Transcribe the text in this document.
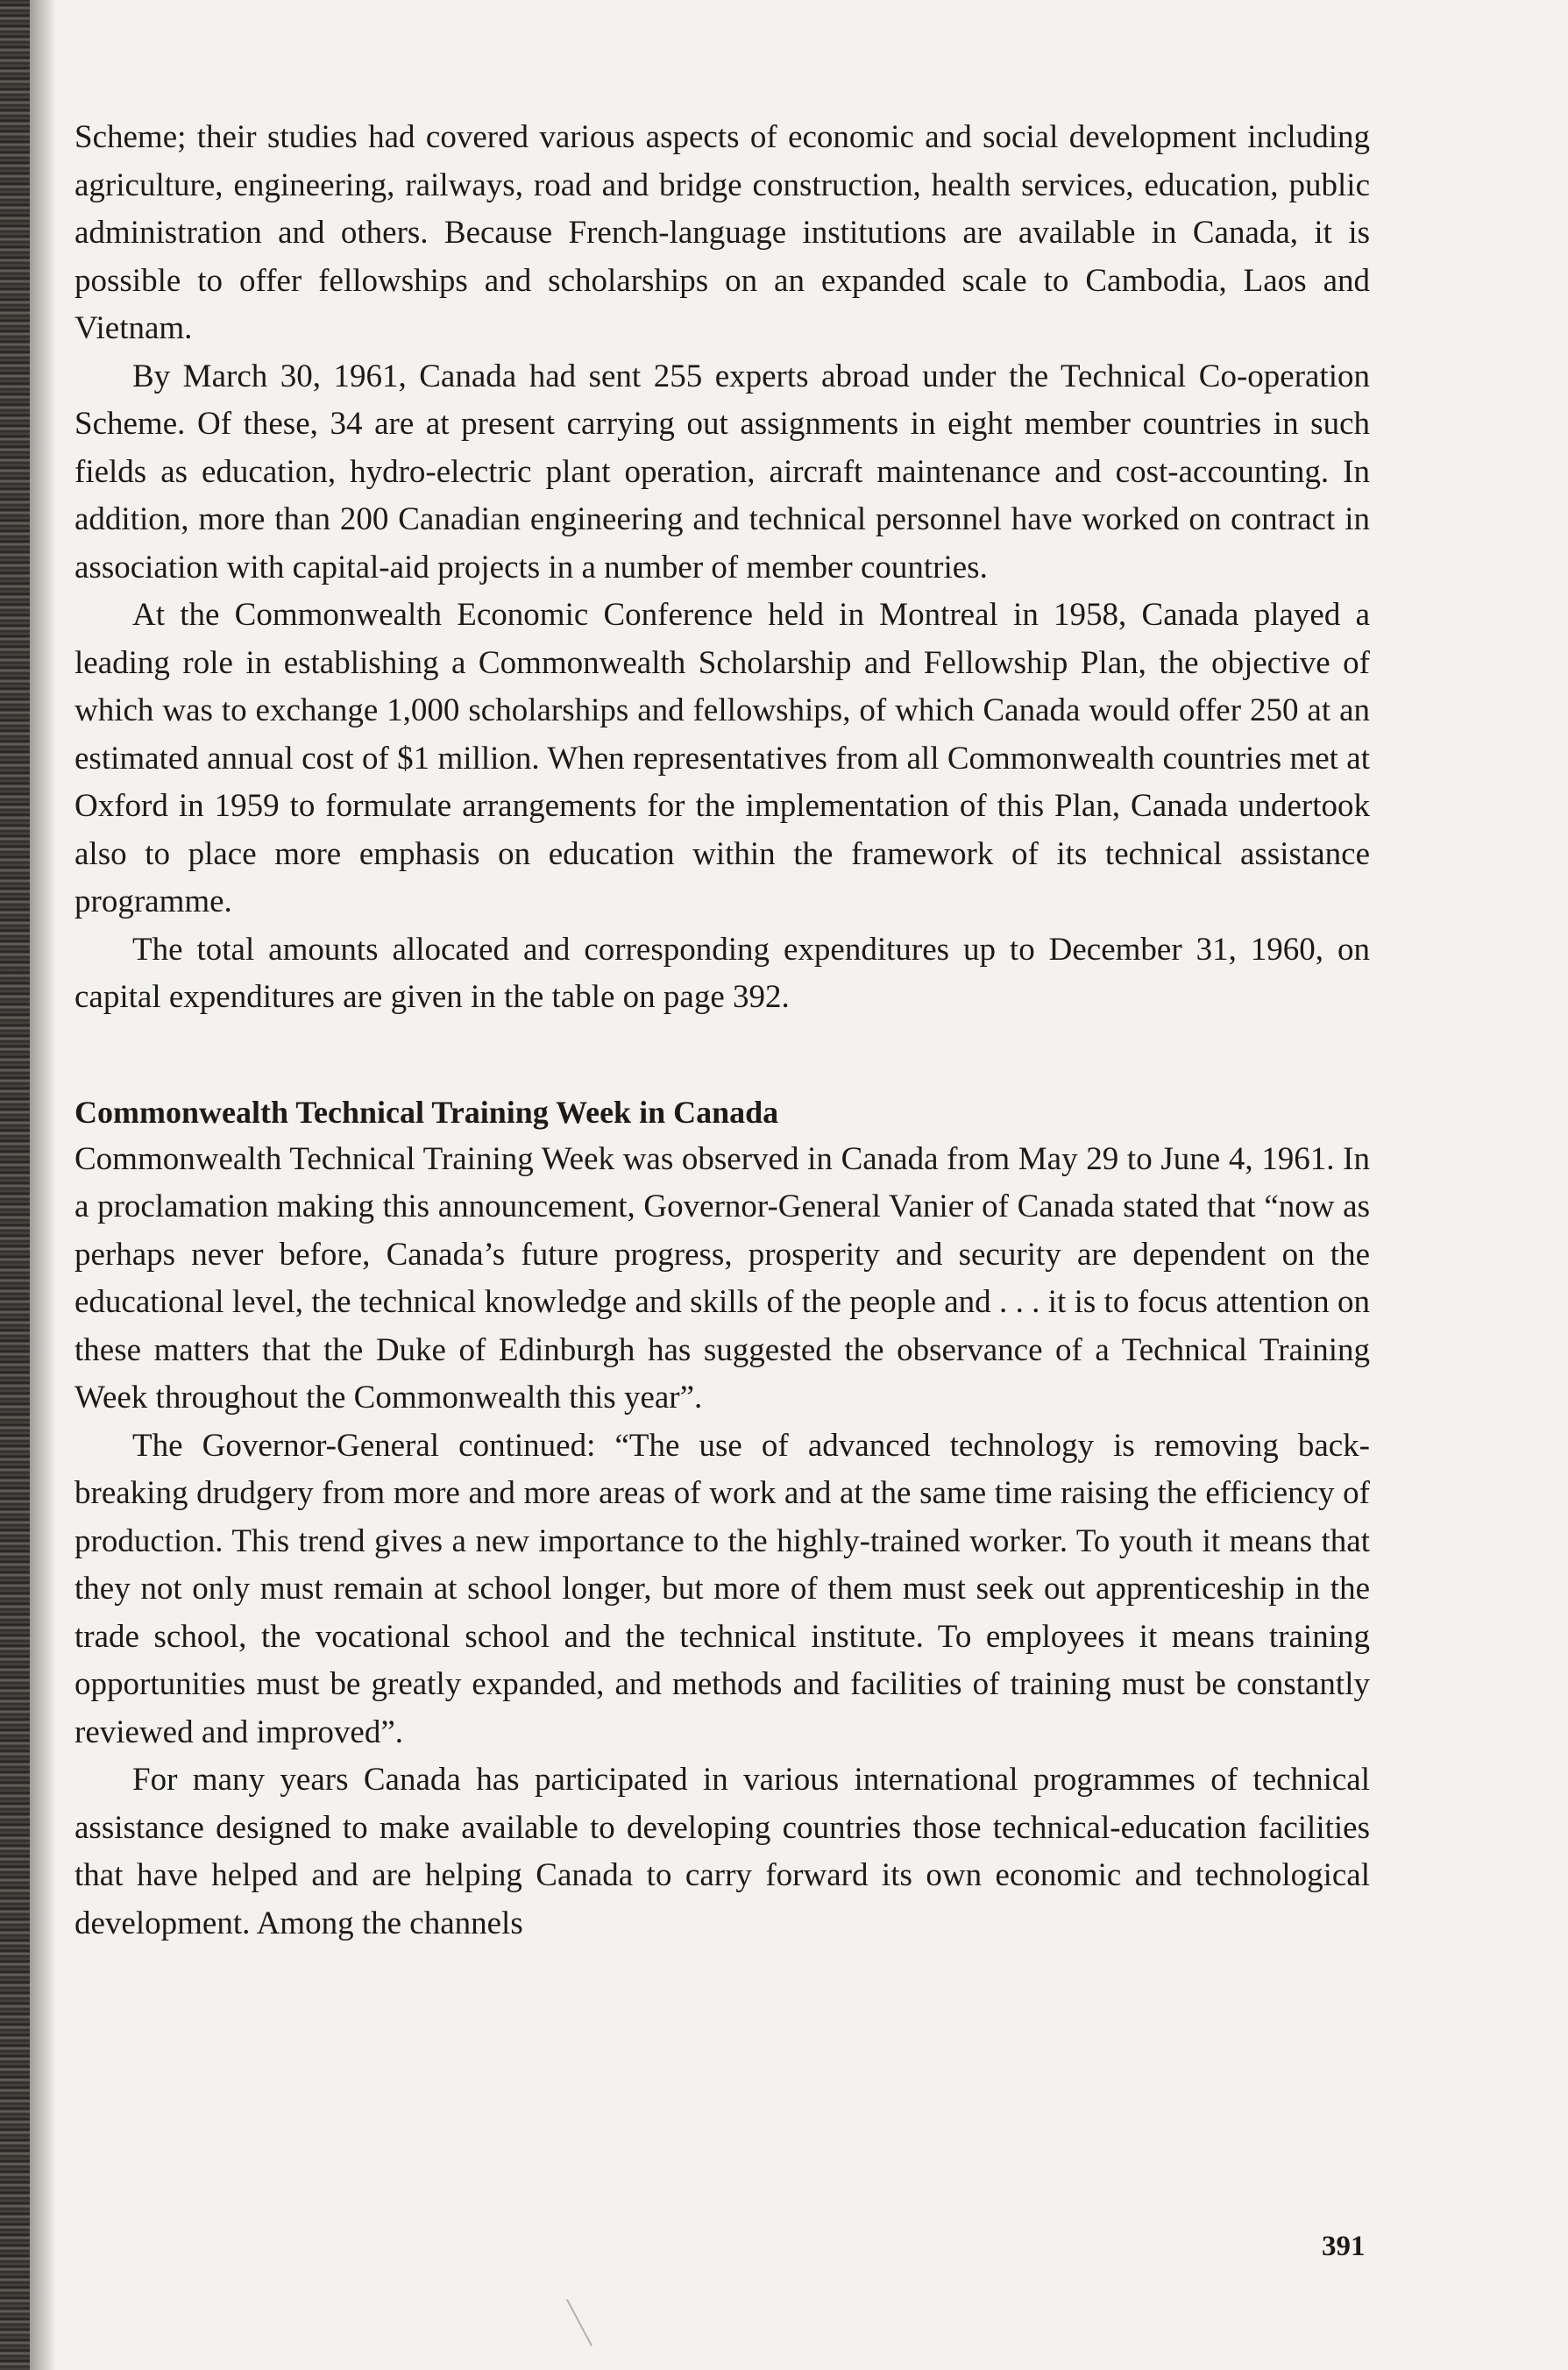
Scheme; their studies had covered various aspects of economic and social development including agriculture, engineering, railways, road and bridge construction, health services, education, public administration and others. Because French-language institutions are available in Canada, it is possible to offer fellowships and scholarships on an expanded scale to Cambodia, Laos and Vietnam.

By March 30, 1961, Canada had sent 255 experts abroad under the Technical Co-operation Scheme. Of these, 34 are at present carrying out assignments in eight member countries in such fields as education, hydro-electric plant operation, aircraft maintenance and cost-accounting. In addition, more than 200 Canadian engineering and technical personnel have worked on contract in association with capital-aid projects in a number of member countries.

At the Commonwealth Economic Conference held in Montreal in 1958, Canada played a leading role in establishing a Commonwealth Scholarship and Fellowship Plan, the objective of which was to exchange 1,000 scholarships and fellowships, of which Canada would offer 250 at an estimated annual cost of $1 million. When representatives from all Commonwealth countries met at Oxford in 1959 to formulate arrangements for the implementation of this Plan, Canada undertook also to place more emphasis on education within the framework of its technical assistance programme.

The total amounts allocated and corresponding expenditures up to December 31, 1960, on capital expenditures are given in the table on page 392.

Commonwealth Technical Training Week in Canada

Commonwealth Technical Training Week was observed in Canada from May 29 to June 4, 1961. In a proclamation making this announcement, Governor-General Vanier of Canada stated that “now as perhaps never before, Canada’s future progress, prosperity and security are dependent on the educational level, the technical knowledge and skills of the people and . . . it is to focus attention on these matters that the Duke of Edinburgh has suggested the observance of a Technical Training Week throughout the Commonwealth this year”.

The Governor-General continued: “The use of advanced technology is removing back-breaking drudgery from more and more areas of work and at the same time raising the efficiency of production. This trend gives a new importance to the highly-trained worker. To youth it means that they not only must remain at school longer, but more of them must seek out apprenticeship in the trade school, the vocational school and the technical institute. To employees it means training opportunities must be greatly expanded, and methods and facilities of training must be constantly reviewed and improved”.

For many years Canada has participated in various international programmes of technical assistance designed to make available to developing countries those technical-education facilities that have helped and are helping Canada to carry forward its own economic and technological development. Among the channels

391
